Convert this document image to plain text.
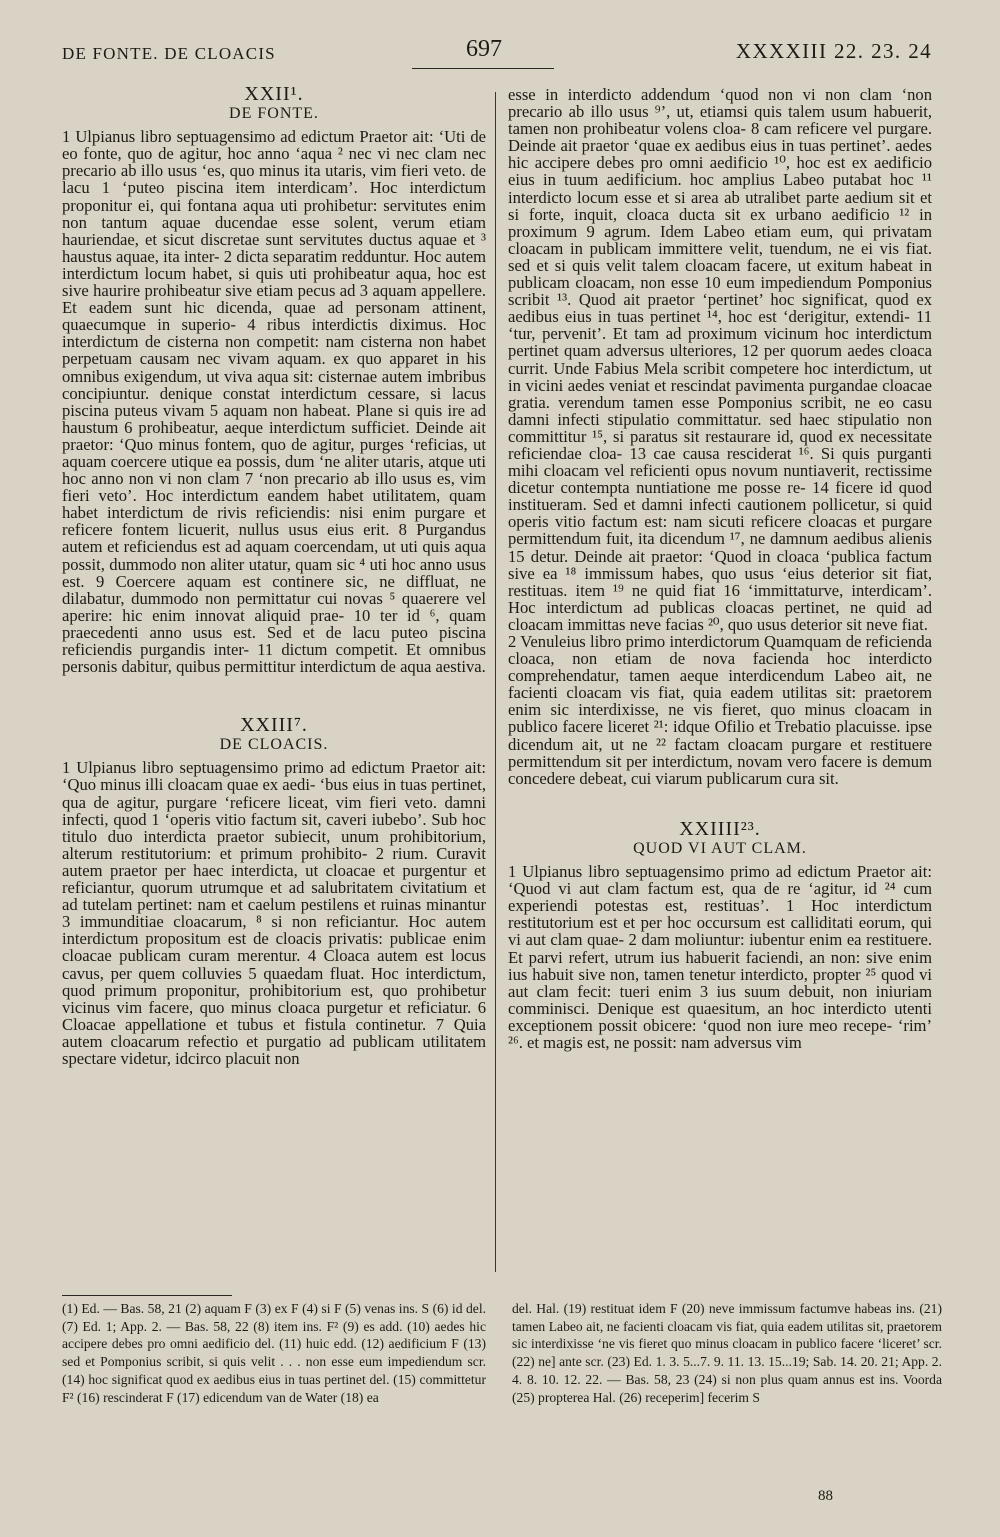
DE FONTE. DE CLOACIS	697	XXXXIII 22. 23. 24
XXII¹.
DE FONTE.

1 Ulpianus libro septuagensimo ad edictum Praetor ait: ‘Uti de eo fonte, quo de agitur, hoc anno ‘aqua ² nec vi nec clam nec precario ab illo usus ‘es, quo minus ita utaris, vim fieri veto. de lacu 1 ‘puteo piscina item interdicam’. Hoc interdictum proponitur ei, qui fontana aqua uti prohibetur: servitutes enim non tantum aquae ducendae esse solent, verum etiam hauriendae, et sicut discretae sunt servitutes ductus aquae et ³ haustus aquae, ita inter- 2 dicta separatim redduntur. Hoc autem interdictum locum habet, si quis uti prohibeatur aqua, hoc est sive haurire prohibeatur sive etiam pecus ad 3 aquam appellere. Et eadem sunt hic dicenda, quae ad personam attinent, quaecumque in superio- 4 ribus interdictis diximus. Hoc interdictum de cisterna non competit: nam cisterna non habet perpetuam causam nec vivam aquam. ex quo apparet in his omnibus exigendum, ut viva aqua sit: cisternae autem imbribus concipiuntur. denique constat interdictum cessare, si lacus piscina puteus vivam 5 aquam non habeat. Plane si quis ire ad haustum 6 prohibeatur, aeque interdictum sufficiet. Deinde ait praetor: ‘Quo minus fontem, quo de agitur, purges ‘reficias, ut aquam coercere utique ea possis, dum ‘ne aliter utaris, atque uti hoc anno non vi non clam 7 ‘non precario ab illo usus es, vim fieri veto’. Hoc interdictum eandem habet utilitatem, quam habet interdictum de rivis reficiendis: nisi enim purgare et reficere fontem licuerit, nullus usus eius erit. 8 Purgandus autem et reficiendus est ad aquam coercendam, ut uti quis aqua possit, dummodo non aliter utatur, quam sic ⁴ uti hoc anno usus est. 9 Coercere aquam est continere sic, ne diffluat, ne dilabatur, dummodo non permittatur cui novas ⁵ quaerere vel aperire: hic enim innovat aliquid prae- 10 ter id ⁶, quam praecedenti anno usus est. Sed et de lacu puteo piscina reficiendis purgandis inter- 11 dictum competit. Et omnibus personis dabitur, quibus permittitur interdictum de aqua aestiva.

XXIII⁷.
DE CLOACIS.

1 Ulpianus libro septuagensimo primo ad edictum Praetor ait: ‘Quo minus illi cloacam quae ex aedi- ‘bus eius in tuas pertinet, qua de agitur, purgare ‘reficere liceat, vim fieri veto. damni infecti, quod 1 ‘operis vitio factum sit, caveri iubebo’. Sub hoc titulo duo interdicta praetor subiecit, unum prohibitorium, alterum restitutorium: et primum prohibito- 2 rium. Curavit autem praetor per haec interdicta, ut cloacae et purgentur et reficiantur, quorum utrumque et ad salubritatem civitatium et ad tutelam pertinet: nam et caelum pestilens et ruinas minantur 3 immunditiae cloacarum, ⁸ si non reficiantur. Hoc autem interdictum propositum est de cloacis privatis: publicae enim cloacae publicam curam merentur. 4 Cloaca autem est locus cavus, per quem colluvies 5 quaedam fluat. Hoc interdictum, quod primum proponitur, prohibitorium est, quo prohibetur vicinus vim facere, quo minus cloaca purgetur et reficiatur. 6 Cloacae appellatione et tubus et fistula continetur. 7 Quia autem cloacarum refectio et purgatio ad publicam utilitatem spectare videtur, idcirco placuit non

esse in interdicto addendum ‘quod non vi non clam ‘non precario ab illo usus ⁹’, ut, etiamsi quis talem usum habuerit, tamen non prohibeatur volens cloa- 8 cam reficere vel purgare. Deinde ait praetor ‘quae ex aedibus eius in tuas pertinet’. aedes hic accipere debes pro omni aedificio ¹⁰, hoc est ex aedificio eius in tuum aedificium. hoc amplius Labeo putabat hoc ¹¹ interdicto locum esse et si area ab utralibet parte aedium sit et si forte, inquit, cloaca ducta sit ex urbano aedificio ¹² in proximum 9 agrum. Idem Labeo etiam eum, qui privatam cloacam in publicam immittere velit, tuendum, ne ei vis fiat. sed et si quis velit talem cloacam facere, ut exitum habeat in publicam cloacam, non esse 10 eum impediendum Pomponius scribit ¹³. Quod ait praetor ‘pertinet’ hoc significat, quod ex aedibus eius in tuas pertinet ¹⁴, hoc est ‘derigitur, extendi- 11 ‘tur, pervenit’. Et tam ad proximum vicinum hoc interdictum pertinet quam adversus ulteriores, 12 per quorum aedes cloaca currit. Unde Fabius Mela scribit competere hoc interdictum, ut in vicini aedes veniat et rescindat pavimenta purgandae cloacae gratia. verendum tamen esse Pomponius scribit, ne eo casu damni infecti stipulatio committatur. sed haec stipulatio non committitur ¹⁵, si paratus sit restaurare id, quod ex necessitate reficiendae cloa- 13 cae causa resciderat ¹⁶. Si quis purganti mihi cloacam vel reficienti opus novum nuntiaverit, rectissime dicetur contempta nuntiatione me posse re- 14 ficere id quod institueram. Sed et damni infecti cautionem pollicetur, si quid operis vitio factum est: nam sicuti reficere cloacas et purgare permittendum fuit, ita dicendum ¹⁷, ne damnum aedibus alienis 15 detur. Deinde ait praetor: ‘Quod in cloaca ‘publica factum sive ea ¹⁸ immissum habes, quo usus ‘eius deterior sit fiat, restituas. item ¹⁹ ne quid fiat 16 ‘immittaturve, interdicam’. Hoc interdictum ad publicas cloacas pertinet, ne quid ad cloacam immittas neve facias ²⁰, quo usus deterior sit neve fiat.

2 Venuleius libro primo interdictorum Quamquam de reficienda cloaca, non etiam de nova facienda hoc interdicto comprehendatur, tamen aeque interdicendum Labeo ait, ne facienti cloacam vis fiat, quia eadem utilitas sit: praetorem enim sic interdixisse, ne vis fieret, quo minus cloacam in publico facere liceret ²¹: idque Ofilio et Trebatio placuisse. ipse dicendum ait, ut ne ²² factam cloacam purgare et restituere permittendum sit per interdictum, novam vero facere is demum concedere debeat, cui viarum publicarum cura sit.

XXIIII²³.
QUOD VI AUT CLAM.

1 Ulpianus libro septuagensimo primo ad edictum Praetor ait: ‘Quod vi aut clam factum est, qua de re ‘agitur, id ²⁴ cum experiendi potestas est, restituas’. 1 Hoc interdictum restitutorium est et per hoc occursum est calliditati eorum, qui vi aut clam quae- 2 dam moliuntur: iubentur enim ea restituere. Et parvi refert, utrum ius habuerit faciendi, an non: sive enim ius habuit sive non, tamen tenetur interdicto, propter ²⁵ quod vi aut clam fecit: tueri enim 3 ius suum debuit, non iniuriam comminisci. Denique est quaesitum, an hoc interdicto utenti exceptionem possit obicere: ‘quod non iure meo recepe- ‘rim’ ²⁶. et magis est, ne possit: nam adversus vim

(1) Ed. — Bas. 58, 21 (2) aquam F (3) ex F (4) si F (5) venas ins. S (6) id del. (7) Ed. 1; App. 2. — Bas. 58, 22 (8) item ins. F² (9) es add. (10) aedes hic accipere debes pro omni aedificio del. (11) huic edd. (12) aedificium F (13) sed et Pomponius scribit, si quis velit . . . non esse eum impediendum scr. (14) hoc significat quod ex aedibus eius in tuas pertinet del. (15) committetur F² (16) rescinderat F (17) edicendum van de Water (18) ea

del. Hal. (19) restituat idem F (20) neve immissum factumve habeas ins. (21) tamen Labeo ait, ne facienti cloacam vis fiat, quia eadem utilitas sit, praetorem sic interdixisse ‘ne vis fieret quo minus cloacam in publico facere ‘liceret’ scr. (22) ne] ante scr. (23) Ed. 1. 3. 5...7. 9. 11. 13. 15...19; Sab. 14. 20. 21; App. 2. 4. 8. 10. 12. 22. — Bas. 58, 23 (24) si non plus quam annus est ins. Voorda (25) propterea Hal. (26) receperim] fecerim S

88
